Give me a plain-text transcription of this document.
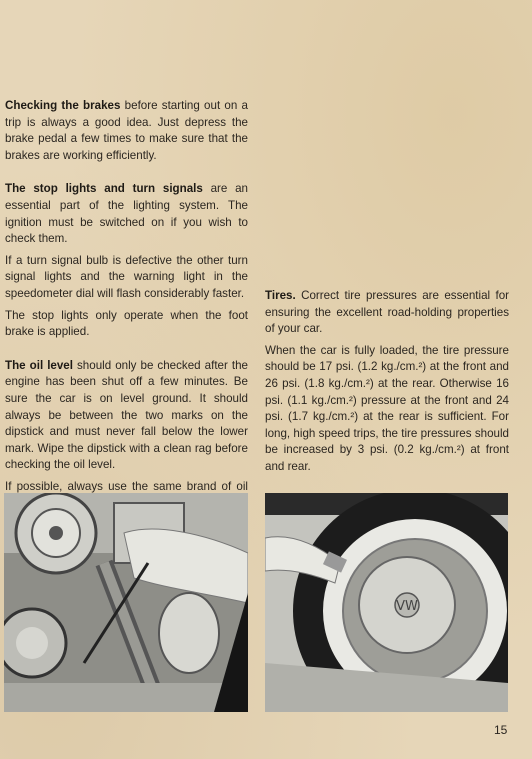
Checking the brakes before starting out on a trip is always a good idea. Just depress the brake pedal a few times to make sure that the brakes are working efficiently.

The stop lights and turn signals are an essential part of the lighting system. The ignition must be switched on if you wish to check them.

If a turn signal bulb is defective the other turn signal lights and the warning light in the speedometer dial will flash considerably faster.

The stop lights only operate when the foot brake is applied.

The oil level should only be checked after the engine has been shut off a few minutes. Be sure the car is on level ground. It should always be between the two marks on the dipstick and must never fall below the lower mark. Wipe the dipstick with a clean rag before checking the oil level.

If possible, always use the same brand of oil

Tires. Correct tire pressures are essential for ensuring the excellent road-holding properties of your car.

When the car is fully loaded, the tire pressure should be 17 psi. (1.2 kg./cm.²) at the front and 26 psi. (1.8 kg./cm.²) at the rear. Otherwise 16 psi. (1.1 kg./cm.²) pressure at the front and 24 psi. (1.7 kg./cm.²) at the rear is sufficient. For long, high speed trips, the tire pressures should be increased by 3 psi. (0.2 kg./cm.²) at front and rear.

VW
15
